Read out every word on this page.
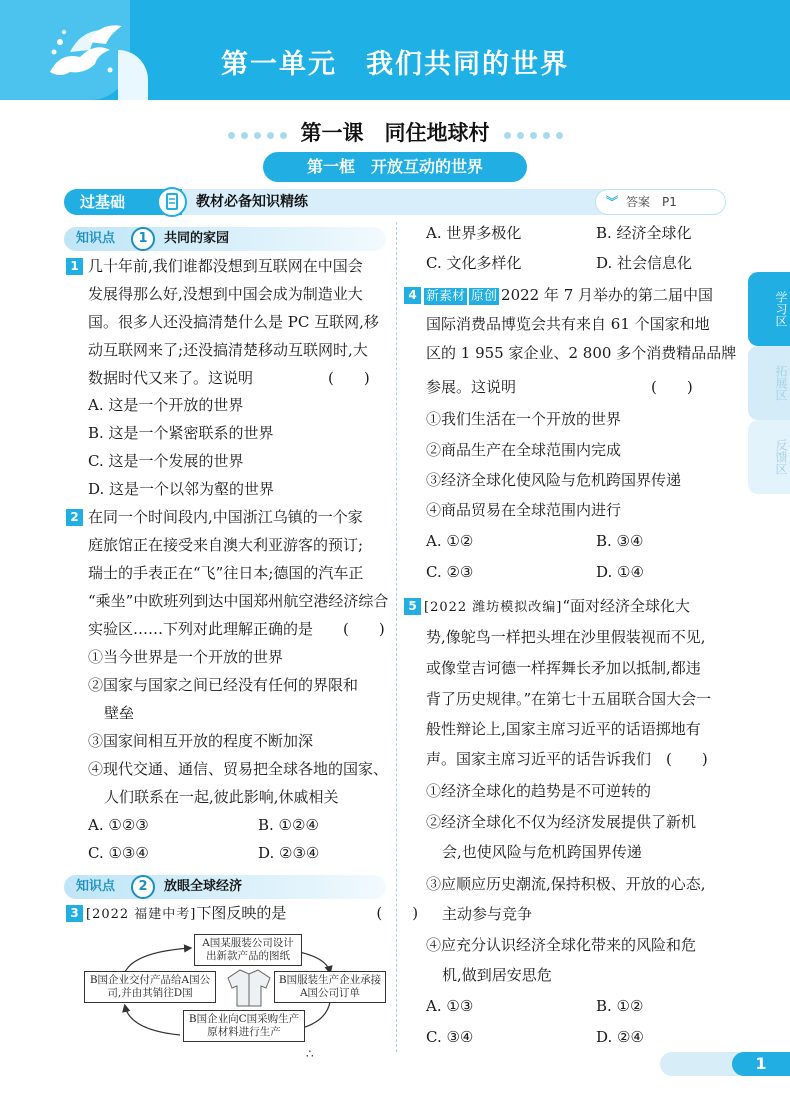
第一单元　我们共同的世界
第一课　同住地球村
第一框　开放互动的世界
过基础	教材必备知识精练	︾ 答案　P1
知识点	1	共同的家园
1 几十年前,我们谁都没想到互联网在中国会
发展得那么好,没想到中国会成为制造业大
国。很多人还没搞清楚什么是 PC 互联网,移
动互联网来了;还没搞清楚移动互联网时,大
数据时代又来了。这说明　　　　　(　　)
A. 这是一个开放的世界
B. 这是一个紧密联系的世界
C. 这是一个发展的世界
D. 这是一个以邻为壑的世界
2 在同一个时间段内,中国浙江乌镇的一个家
庭旅馆正在接受来自澳大利亚游客的预订;
瑞士的手表正在“飞”往日本;德国的汽车正
“乘坐”中欧班列到达中国郑州航空港经济综合
实验区……下列对此理解正确的是　　(　　)
①当今世界是一个开放的世界
②国家与国家之间已经没有任何的界限和
壁垒
③国家间相互开放的程度不断加深
④现代交通、通信、贸易把全球各地的国家、
人们联系在一起,彼此影响,休戚相关
A. ①②③	B. ①②④
C. ①③④	D. ②③④
知识点	2	放眼全球经济
3 [2022 福建中考]下图反映的是　　　　　　(　　)
∴
A国某服装公司设计出新款产品的图纸
B国服装生产企业承接A国公司订单
B国企业向C国采购生产原材料进行生产
B国企业交付产品给A国公司,并由其销往D国
A. 世界多极化	B. 经济全球化
C. 文化多样化	D. 社会信息化
4 新素材 原创 2022 年 7 月举办的第二届中国
国际消费品博览会共有来自 61 个国家和地
区的 1 955 家企业、2 800 多个消费精品品牌
参展。这说明　　　　　　　　　(　　)
①我们生活在一个开放的世界
②商品生产在全球范围内完成
③经济全球化使风险与危机跨国界传递
④商品贸易在全球范围内进行
A. ①②	B. ③④
C. ②③	D. ①④
5 [2022 潍坊模拟改编]“面对经济全球化大
势,像鸵鸟一样把头埋在沙里假装视而不见,
或像堂吉诃德一样挥舞长矛加以抵制,都违
背了历史规律。”在第七十五届联合国大会一
般性辩论上,国家主席习近平的话语掷地有
声。国家主席习近平的话告诉我们　(　　)
①经济全球化的趋势是不可逆转的
②经济全球化不仅为经济发展提供了新机
会,也使风险与危机跨国界传递
③应顺应历史潮流,保持积极、开放的心态,
主动参与竞争
④应充分认识经济全球化带来的风险和危
机,做到居安思危
A. ①③	B. ①②
C. ③④	D. ②④
学习区
拓展区
反馈区
1
